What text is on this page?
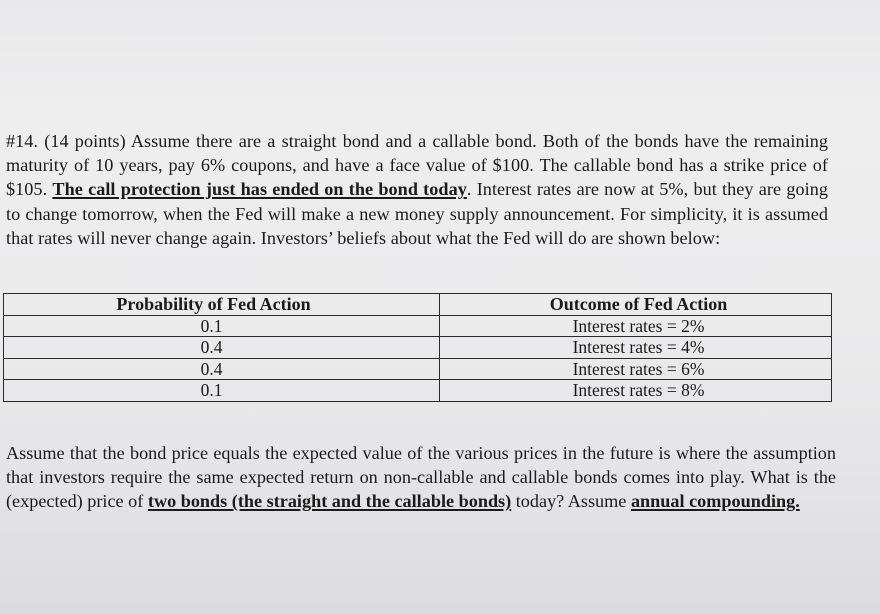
#14. (14 points) Assume there are a straight bond and a callable bond. Both of the bonds have the remaining maturity of 10 years, pay 6% coupons, and have a face value of $100. The callable bond has a strike price of $105. The call protection just has ended on the bond today. Interest rates are now at 5%, but they are going to change tomorrow, when the Fed will make a new money supply announcement. For simplicity, it is assumed that rates will never change again. Investors’ beliefs about what the Fed will do are shown below:

Probability of Fed Action	Outcome of Fed Action
0.1	Interest rates = 2%
0.4	Interest rates = 4%
0.4	Interest rates = 6%
0.1	Interest rates = 8%

Assume that the bond price equals the expected value of the various prices in the future is where the assumption that investors require the same expected return on non-callable and callable bonds comes into play. What is the (expected) price of two bonds (the straight and the callable bonds) today? Assume annual compounding.
